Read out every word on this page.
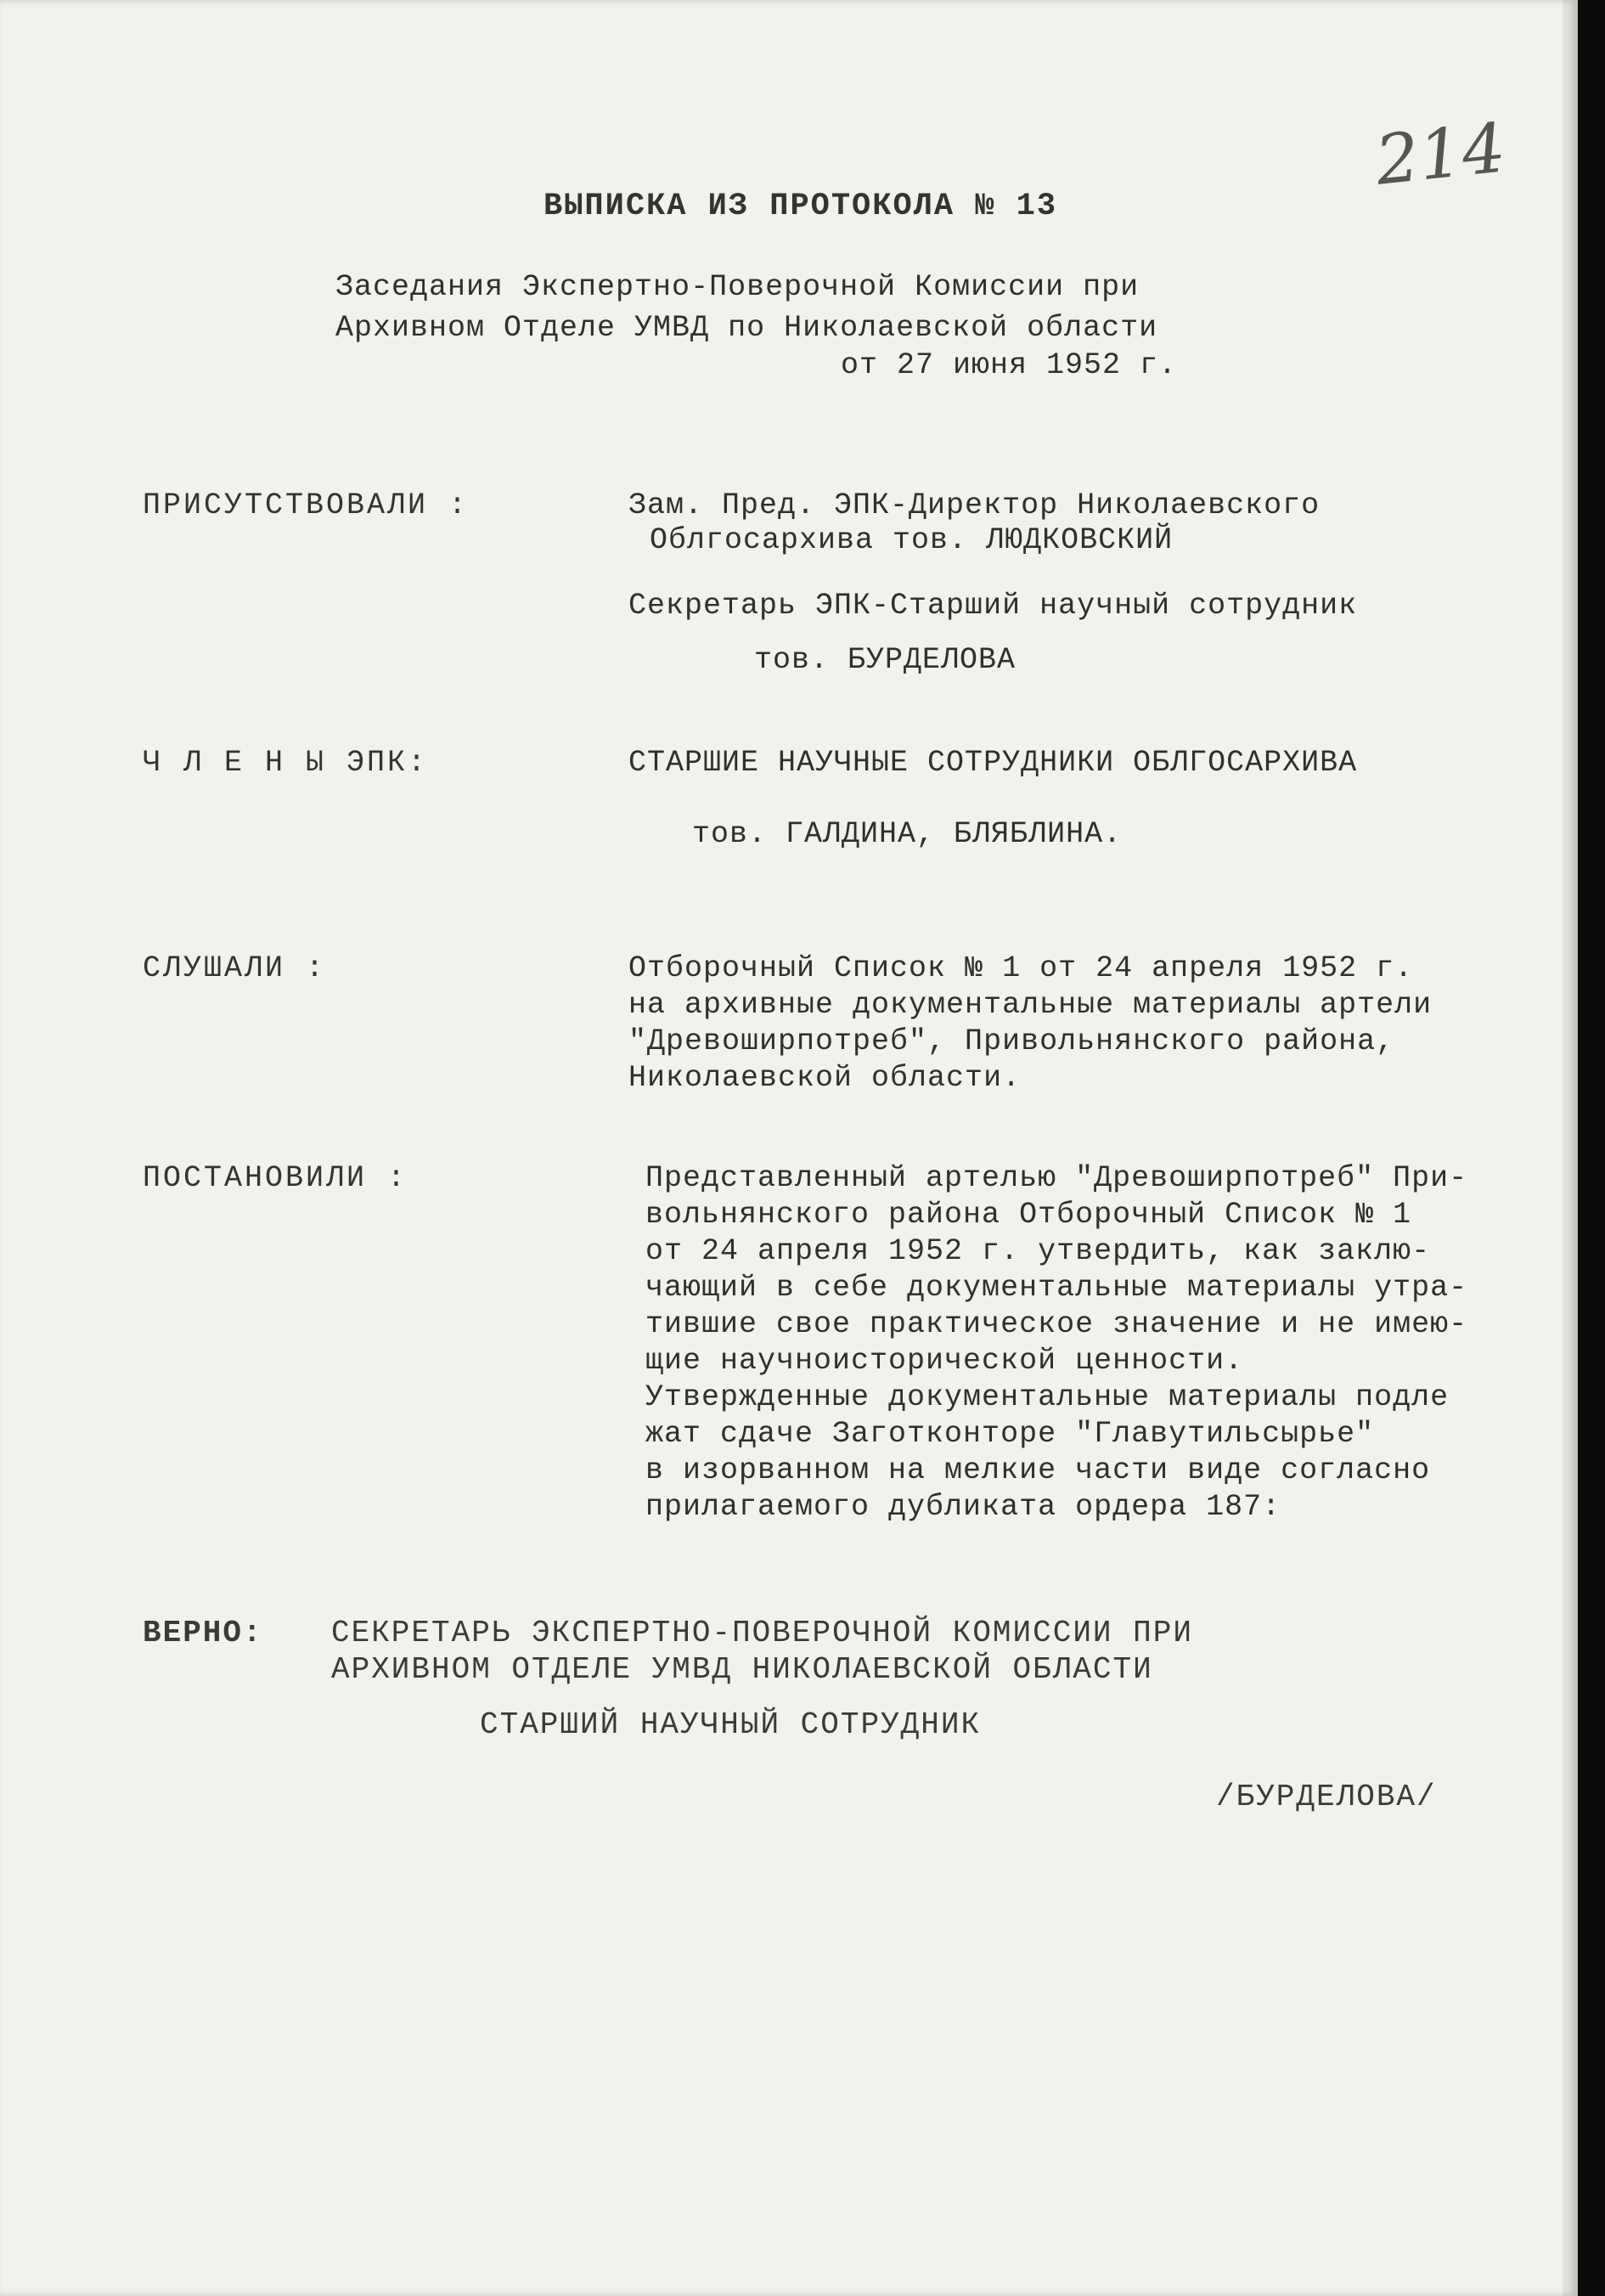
214
ВЫПИСКА ИЗ ПРОТОКОЛА № 13
Заседания Экспертно-Поверочной Комиссии при
Архивном Отделе УМВД по Николаевской области
от 27 июня 1952 г.
ПРИСУТСТВОВАЛИ :	Зам. Пред. ЭПК-Директор Николаевского
Облгосархива тов. ЛЮДКОВСКИЙ
Секретарь ЭПК-Старший научный сотрудник
тов. БУРДЕЛОВА
Ч Л Е Н Ы ЭПК:	СТАРШИЕ НАУЧНЫЕ СОТРУДНИКИ ОБЛГОСАРХИВА
тов. ГАЛДИНА, БЛЯБЛИНА.
СЛУШАЛИ :	Отборочный Список № 1 от 24 апреля 1952 г.
на архивные документальные материалы артели
"Древоширпотреб", Привольнянского района,
Николаевской области.
ПОСТАНОВИЛИ :	Представленный артелью "Древоширпотреб" При-
вольнянского района Отборочный Список № 1
от 24 апреля 1952 г. утвердить, как заклю-
чающий в себе документальные материалы утра-
тившие свое практическое значение и не имею-
щие научноисторической ценности.
Утвержденные документальные материалы подле
жат сдаче Заготконторе "Главутильсырье"
в изорванном на мелкие части виде согласно
прилагаемого дубликата ордера 187:
ВЕРНО: СЕКРЕТАРЬ ЭКСПЕРТНО-ПОВЕРОЧНОЙ КОМИССИИ ПРИ
АРХИВНОМ ОТДЕЛЕ УМВД НИКОЛАЕВСКОЙ ОБЛАСТИ
СТАРШИЙ НАУЧНЫЙ СОТРУДНИК
/БУРДЕЛОВА/
